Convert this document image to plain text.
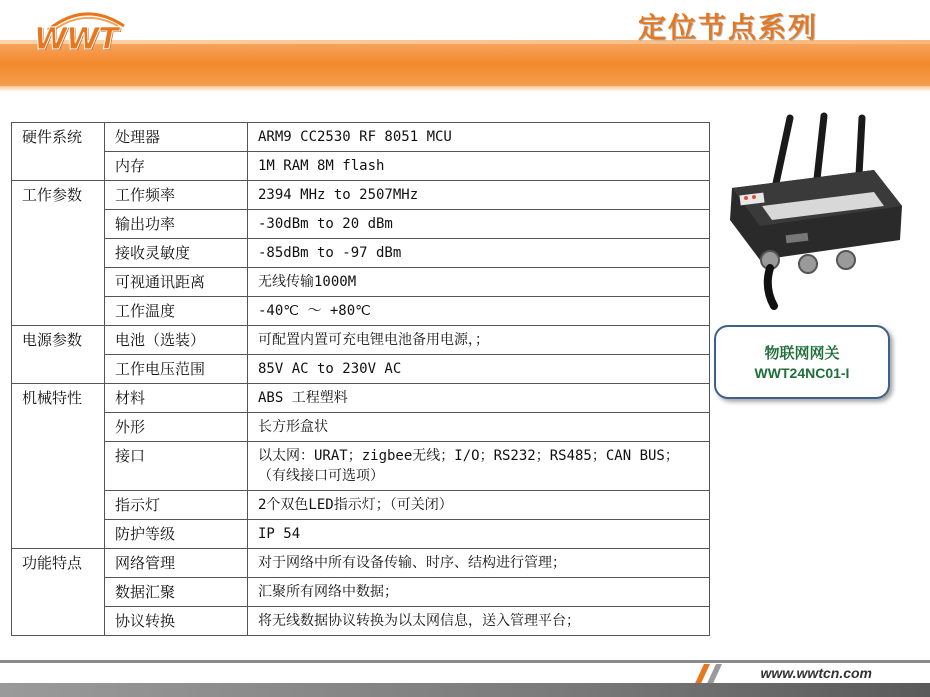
WWT	定位节点系列
硬件系统	处理器	ARM9 CC2530 RF 8051 MCU
	内存	1M RAM 8M flash
工作参数	工作频率	2394 MHz to 2507MHz
	输出功率	-30dBm to 20 dBm
	接收灵敏度	-85dBm to -97 dBm
	可视通讯距离	无线传输1000M
	工作温度	-40℃ ～ +80℃
电源参数	电池（选装）	可配置内置可充电锂电池备用电源，；
	工作电压范围	85V AC to 230V AC
机械特性	材料	ABS 工程塑料
	外形	长方形盒状
	接口	以太网：URAT；zigbee无线；I/O；RS232；RS485；CAN BUS；（有线接口可选项）
	指示灯	2个双色LED指示灯；（可关闭）
	防护等级	IP 54
功能特点	网络管理	对于网络中所有设备传输、时序、结构进行管理；
	数据汇聚	汇聚所有网络中数据；
	协议转换	将无线数据协议转换为以太网信息，送入管理平台；
物联网网关
WWT24NC01-I
www.wwtcn.com
